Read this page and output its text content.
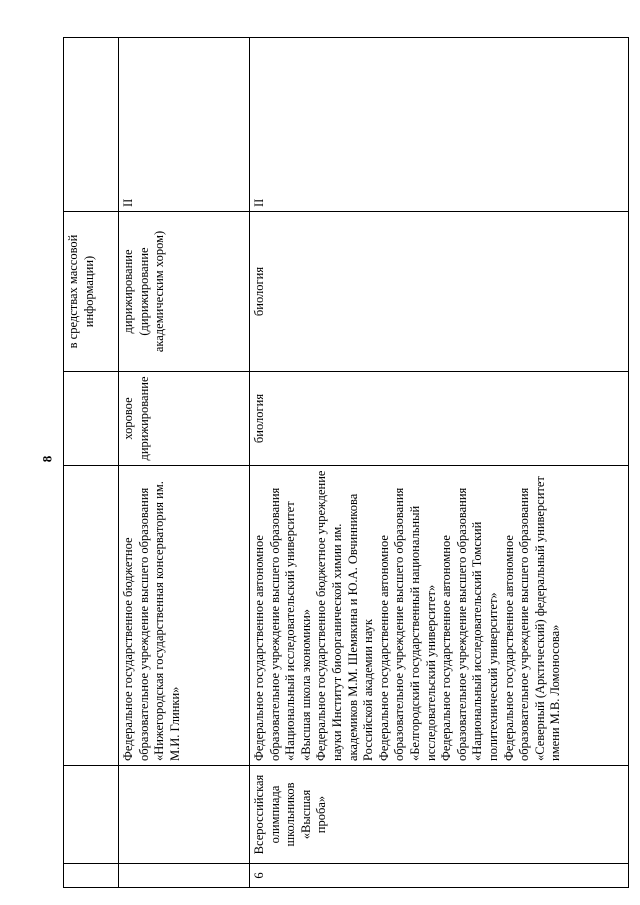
8
				в средствах массовой информации)	
		Федеральное государственное бюджетное образовательное учреждение высшего образования «Нижегородская государственная консерватория им. М.И. Глинки»	хоровое дирижирование	дирижирование (дирижирование академическим хором)	II
6	Всероссийская олимпиада школьников «Высшая проба»	Федеральное государственное автономное образовательное учреждение высшего образования «Национальный исследовательский университет «Высшая школа экономики»
Федеральное государственное бюджетное учреждение науки Институт биоорганической химии им. академиков М.М. Шемякина и Ю.А. Овчинникова Российской академии наук
Федеральное государственное автономное образовательное учреждение высшего образования «Белгородский государственный национальный исследовательский университет»
Федеральное государственное автономное образовательное учреждение высшего образования «Национальный исследовательский Томский политехнический университет»
Федеральное государственное автономное образовательное учреждение высшего образования «Северный (Арктический) федеральный университет имени М.В. Ломоносова»	биология	биология	II
